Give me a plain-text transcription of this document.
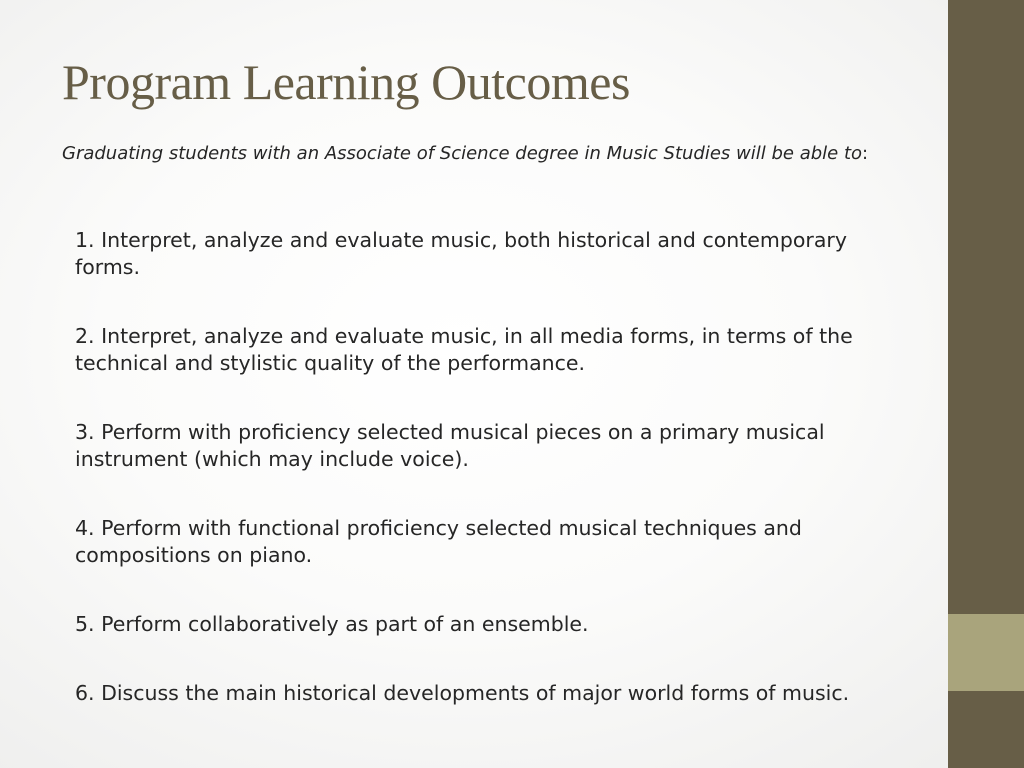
Program Learning Outcomes

Graduating students with an Associate of Science degree in Music Studies will be able to:

1. Interpret, analyze and evaluate music, both historical and contemporary forms.
2. Interpret, analyze and evaluate music, in all media forms, in terms of the technical and stylistic quality of the performance.
3. Perform with proficiency selected musical pieces on a primary musical instrument (which may include voice).
4. Perform with functional proficiency selected musical techniques and compositions on piano.
5. Perform collaboratively as part of an ensemble.
6. Discuss the main historical developments of major world forms of music.
